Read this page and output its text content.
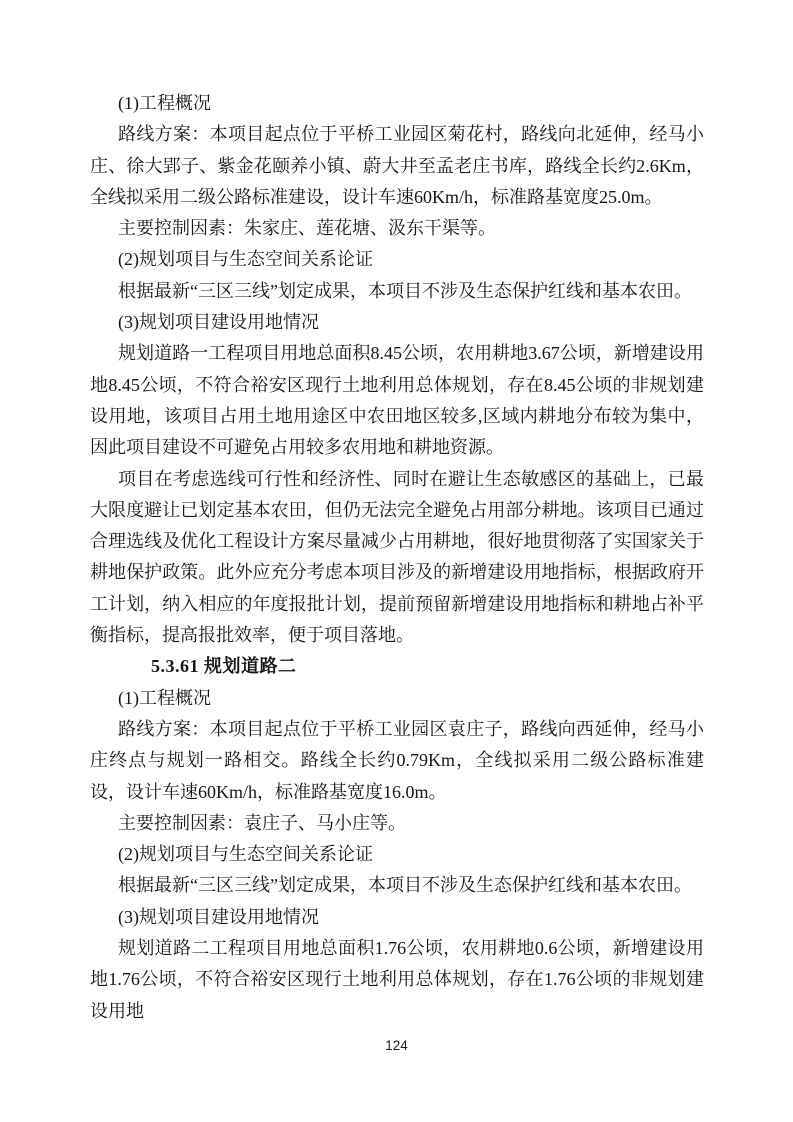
(1)工程概况

路线方案：本项目起点位于平桥工业园区菊花村，路线向北延伸，经马小庄、徐大郢子、紫金花颐养小镇、蔚大井至孟老庄书库，路线全长约2.6Km，全线拟采用二级公路标准建设，设计车速60Km/h，标准路基宽度25.0m。

主要控制因素：朱家庄、莲花塘、汲东干渠等。

(2)规划项目与生态空间关系论证

根据最新“三区三线”划定成果，本项目不涉及生态保护红线和基本农田。

(3)规划项目建设用地情况

规划道路一工程项目用地总面积8.45公顷，农用耕地3.67公顷，新增建设用地8.45公顷，不符合裕安区现行土地利用总体规划，存在8.45公顷的非规划建设用地，该项目占用土地用途区中农田地区较多,区域内耕地分布较为集中，因此项目建设不可避免占用较多农用地和耕地资源。

项目在考虑选线可行性和经济性、同时在避让生态敏感区的基础上，已最大限度避让已划定基本农田，但仍无法完全避免占用部分耕地。该项目已通过合理选线及优化工程设计方案尽量减少占用耕地，很好地贯彻落了实国家关于耕地保护政策。此外应充分考虑本项目涉及的新增建设用地指标，根据政府开工计划，纳入相应的年度报批计划，提前预留新增建设用地指标和耕地占补平衡指标，提高报批效率，便于项目落地。

5.3.61 规划道路二

(1)工程概况

路线方案：本项目起点位于平桥工业园区袁庄子，路线向西延伸，经马小庄终点与规划一路相交。路线全长约0.79Km，全线拟采用二级公路标准建设，设计车速60Km/h，标准路基宽度16.0m。

主要控制因素：袁庄子、马小庄等。

(2)规划项目与生态空间关系论证

根据最新“三区三线”划定成果，本项目不涉及生态保护红线和基本农田。

(3)规划项目建设用地情况

规划道路二工程项目用地总面积1.76公顷，农用耕地0.6公顷，新增建设用地1.76公顷，不符合裕安区现行土地利用总体规划，存在1.76公顷的非规划建设用地

124
